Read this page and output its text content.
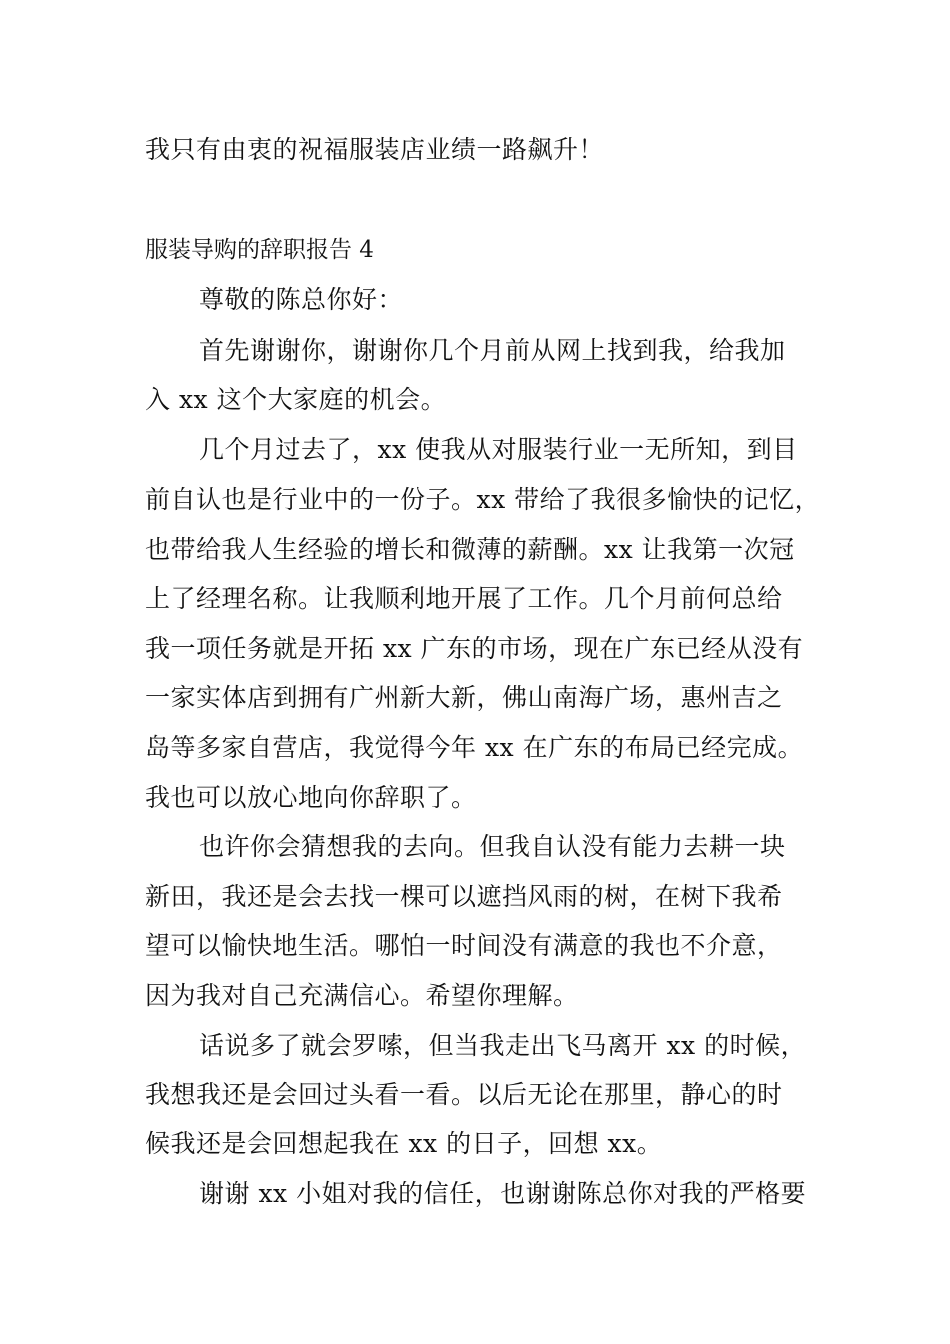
我只有由衷的祝福服装店业绩一路飙升！
服装导购的辞职报告 4
尊敬的陈总你好：
首先谢谢你，谢谢你几个月前从网上找到我，给我加
入 xx 这个大家庭的机会。
几个月过去了，xx 使我从对服装行业一无所知，到目
前自认也是行业中的一份子。xx 带给了我很多愉快的记忆，
也带给我人生经验的增长和微薄的薪酬。xx 让我第一次冠
上了经理名称。让我顺利地开展了工作。几个月前何总给
我一项任务就是开拓 xx 广东的市场，现在广东已经从没有
一家实体店到拥有广州新大新，佛山南海广场，惠州吉之
岛等多家自营店，我觉得今年 xx 在广东的布局已经完成。
我也可以放心地向你辞职了。
也许你会猜想我的去向。但我自认没有能力去耕一块
新田，我还是会去找一棵可以遮挡风雨的树，在树下我希
望可以愉快地生活。哪怕一时间没有满意的我也不介意，
因为我对自己充满信心。希望你理解。
话说多了就会罗嗦，但当我走出飞马离开 xx 的时候，
我想我还是会回过头看一看。以后无论在那里，静心的时
候我还是会回想起我在 xx 的日子，回想 xx。
谢谢 xx 小姐对我的信任，也谢谢陈总你对我的严格要
